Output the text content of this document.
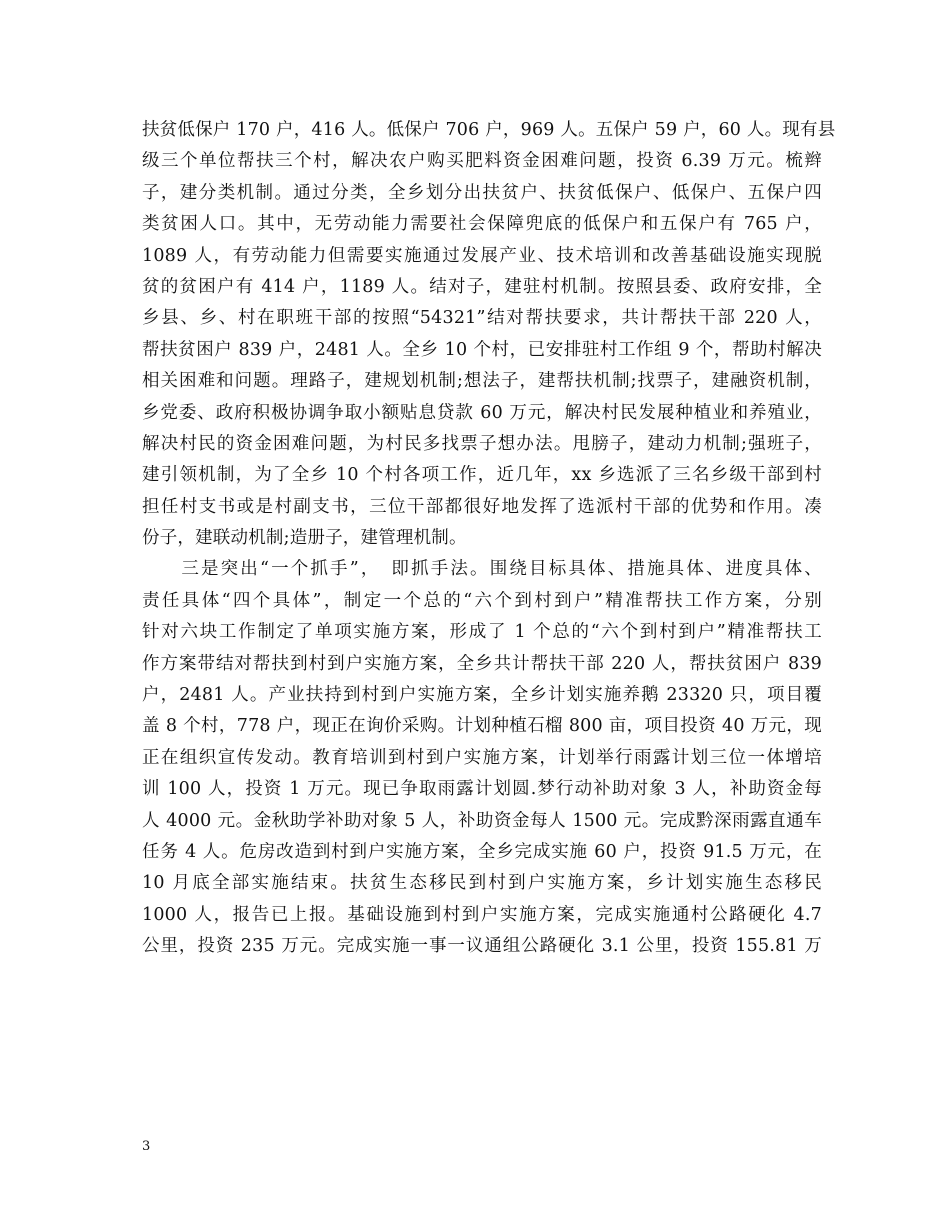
扶贫低保户 170 户，416 人。低保户 706 户，969 人。五保户 59 户，60 人。现有县
级三个单位帮扶三个村，解决农户购买肥料资金困难问题，投资 6.39 万元。梳辫
子，建分类机制。通过分类，全乡划分出扶贫户、扶贫低保户、低保户、五保户四
类贫困人口。其中，无劳动能力需要社会保障兜底的低保户和五保户有 765 户，
1089 人，有劳动能力但需要实施通过发展产业、技术培训和改善基础设施实现脱
贫的贫困户有 414 户，1189 人。结对子，建驻村机制。按照县委、政府安排，全
乡县、乡、村在职班干部的按照“54321”结对帮扶要求，共计帮扶干部 220 人，
帮扶贫困户 839 户，2481 人。全乡 10 个村，已安排驻村工作组 9 个，帮助村解决
相关困难和问题。理路子，建规划机制;想法子，建帮扶机制;找票子，建融资机制，
乡党委、政府积极协调争取小额贴息贷款 60 万元，解决村民发展种植业和养殖业，
解决村民的资金困难问题，为村民多找票子想办法。甩膀子，建动力机制;强班子，
建引领机制，为了全乡 10 个村各项工作，近几年，xx 乡选派了三名乡级干部到村
担任村支书或是村副支书，三位干部都很好地发挥了选派村干部的优势和作用。凑
份子，建联动机制;造册子，建管理机制。
　　三是突出“一个抓手”，　即抓手法。围绕目标具体、措施具体、进度具体、
责任具体“四个具体”，制定一个总的“六个到村到户”精准帮扶工作方案，分别
针对六块工作制定了单项实施方案，形成了 1 个总的“六个到村到户”精准帮扶工
作方案带结对帮扶到村到户实施方案，全乡共计帮扶干部 220 人，帮扶贫困户 839
户，2481 人。产业扶持到村到户实施方案，全乡计划实施养鹅 23320 只，项目覆
盖 8 个村，778 户，现正在询价采购。计划种植石榴 800 亩，项目投资 40 万元，现
正在组织宣传发动。教育培训到村到户实施方案，计划举行雨露计划三位一体增培
训 100 人，投资 1 万元。现已争取雨露计划圆.梦行动补助对象 3 人，补助资金每
人 4000 元。金秋助学补助对象 5 人，补助资金每人 1500 元。完成黔深雨露直通车
任务 4 人。危房改造到村到户实施方案，全乡完成实施 60 户，投资 91.5 万元，在
10 月底全部实施结束。扶贫生态移民到村到户实施方案，乡计划实施生态移民
1000 人，报告已上报。基础设施到村到户实施方案，完成实施通村公路硬化 4.7
公里，投资 235 万元。完成实施一事一议通组公路硬化 3.1 公里，投资 155.81 万
3
